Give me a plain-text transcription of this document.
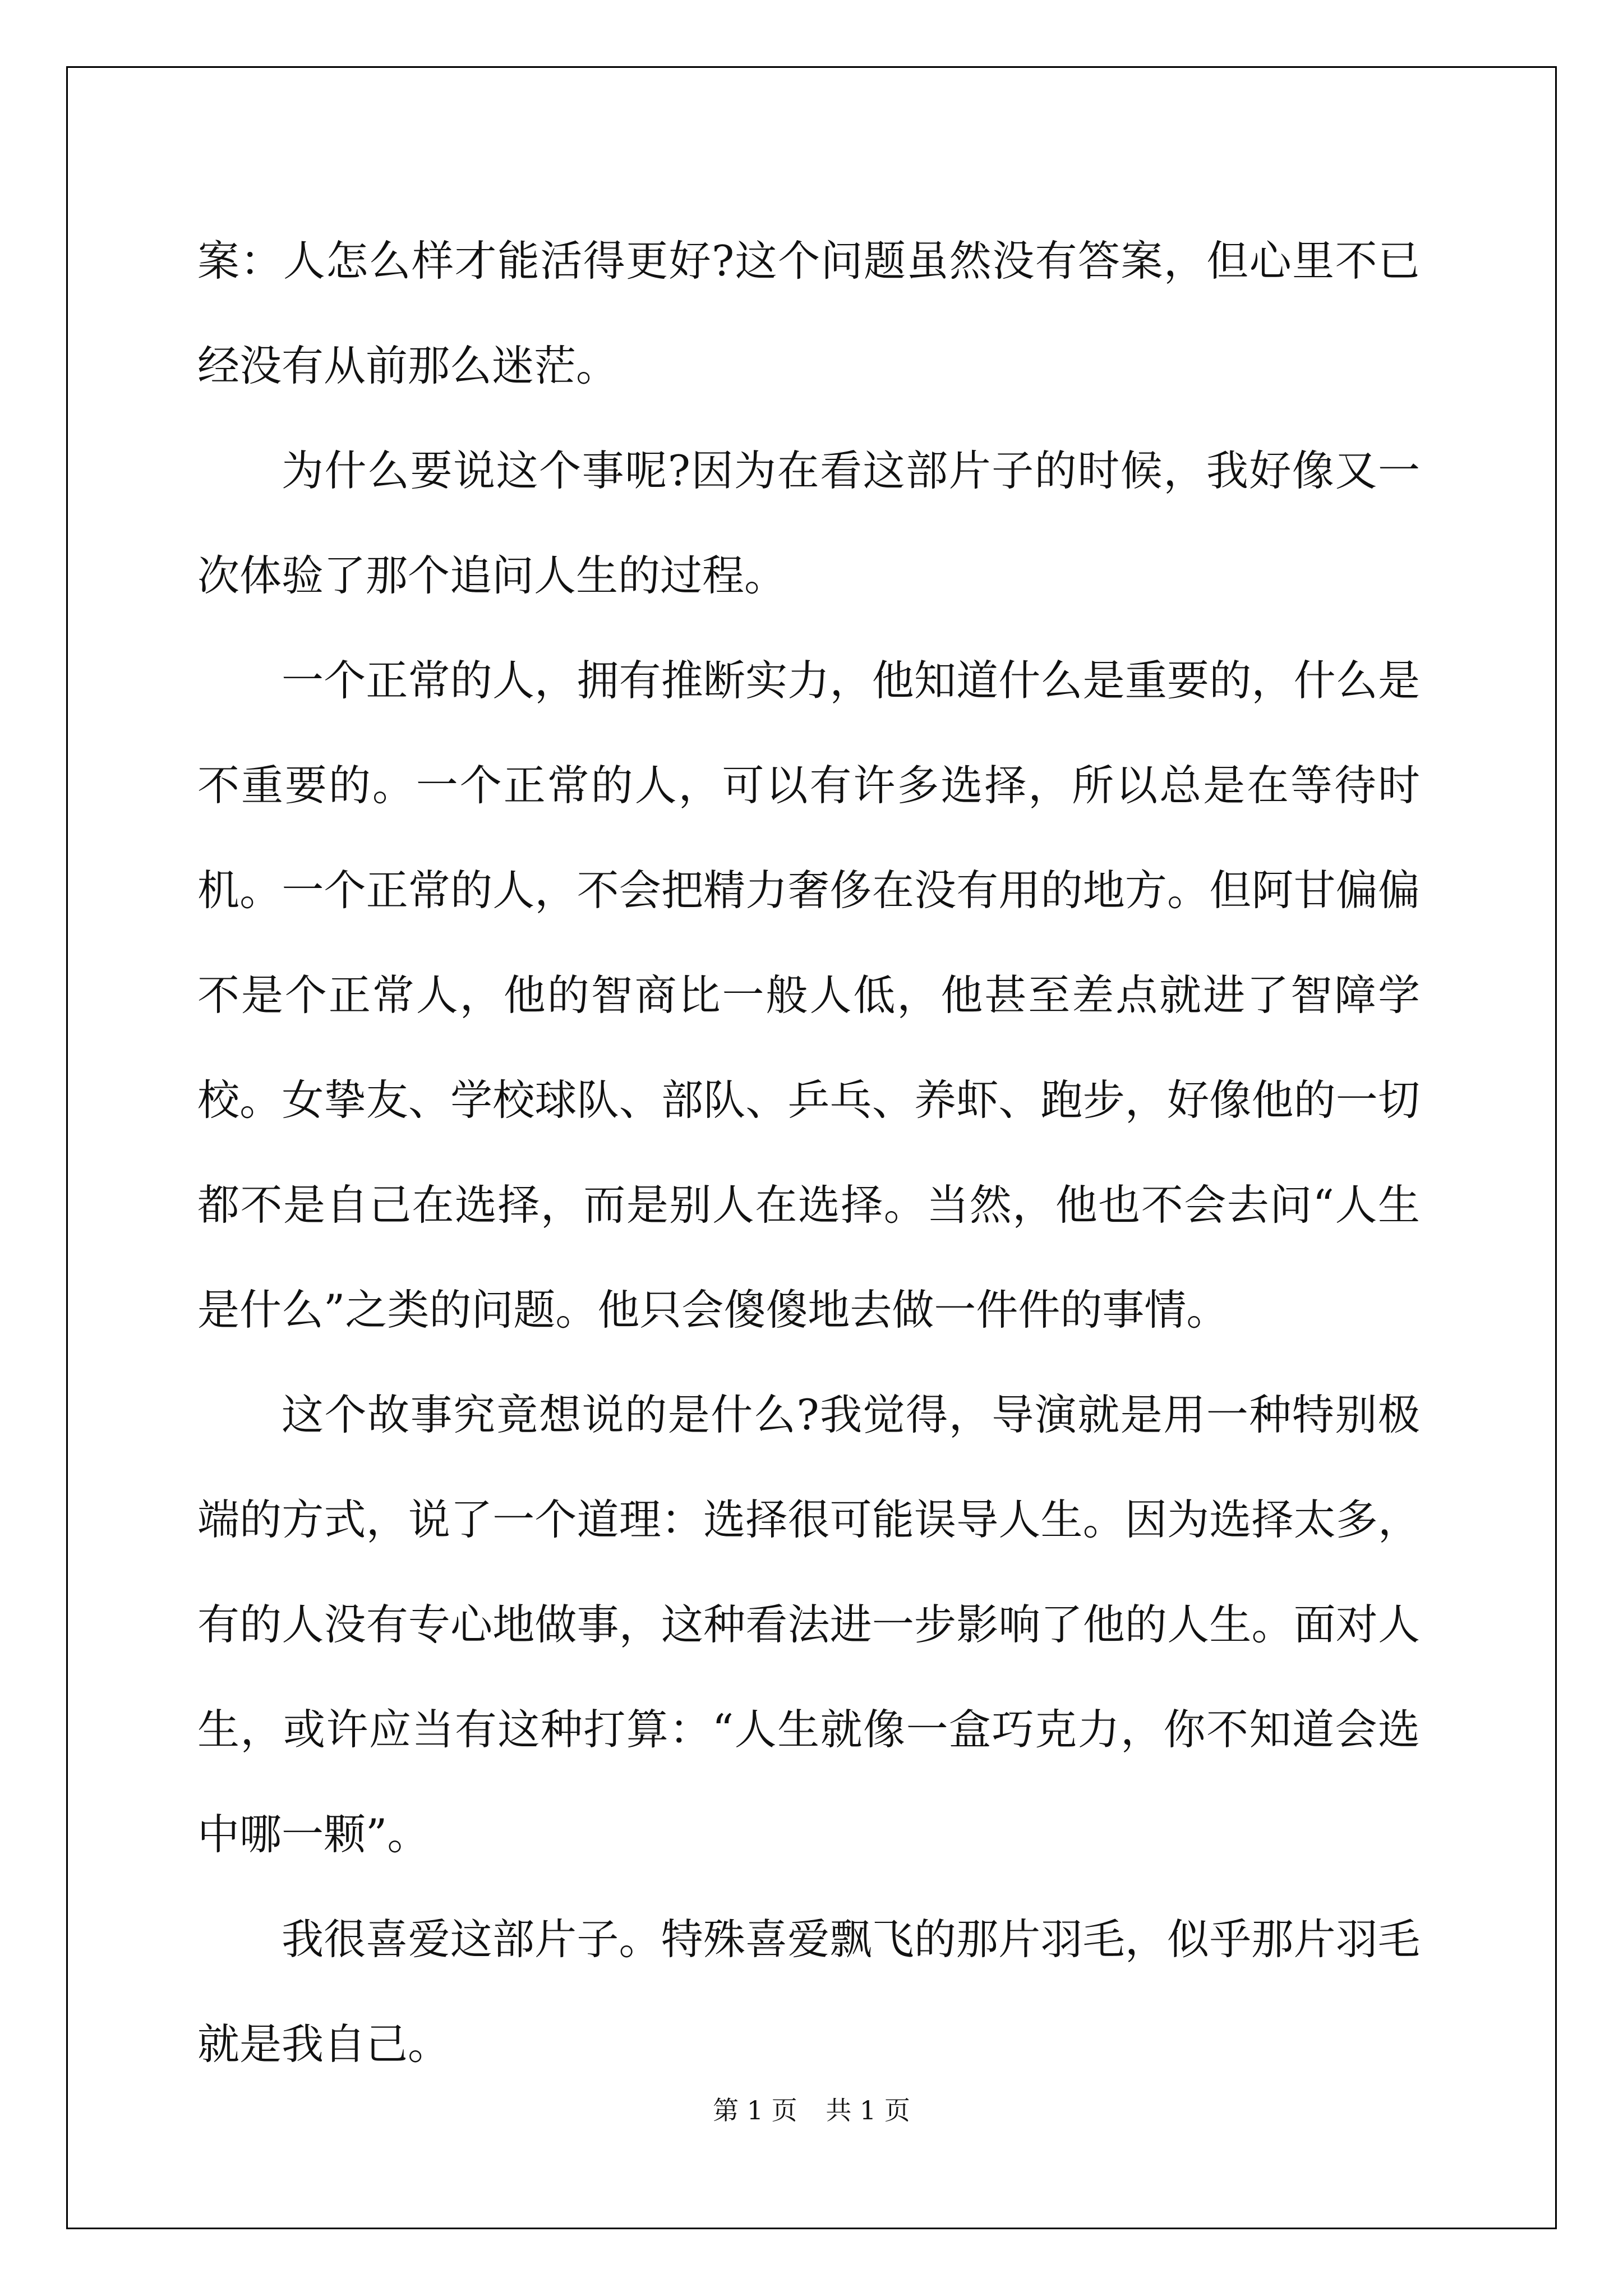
案：人怎么样才能活得更好?这个问题虽然没有答案，但心里不已经没有从前那么迷茫。

为什么要说这个事呢?因为在看这部片子的时候，我好像又一次体验了那个追问人生的过程。

一个正常的人，拥有推断实力，他知道什么是重要的，什么是不重要的。一个正常的人，可以有许多选择，所以总是在等待时机。一个正常的人，不会把精力奢侈在没有用的地方。但阿甘偏偏不是个正常人，他的智商比一般人低，他甚至差点就进了智障学校。女挚友、学校球队、部队、乒乓、养虾、跑步，好像他的一切都不是自己在选择，而是别人在选择。当然，他也不会去问“人生是什么”之类的问题。他只会傻傻地去做一件件的事情。

这个故事究竟想说的是什么?我觉得，导演就是用一种特别极端的方式，说了一个道理：选择很可能误导人生。因为选择太多，有的人没有专心地做事，这种看法进一步影响了他的人生。面对人生，或许应当有这种打算：“人生就像一盒巧克力，你不知道会选中哪一颗”。

我很喜爱这部片子。特殊喜爱飘飞的那片羽毛，似乎那片羽毛就是我自己。

第 1 页 共 1 页
